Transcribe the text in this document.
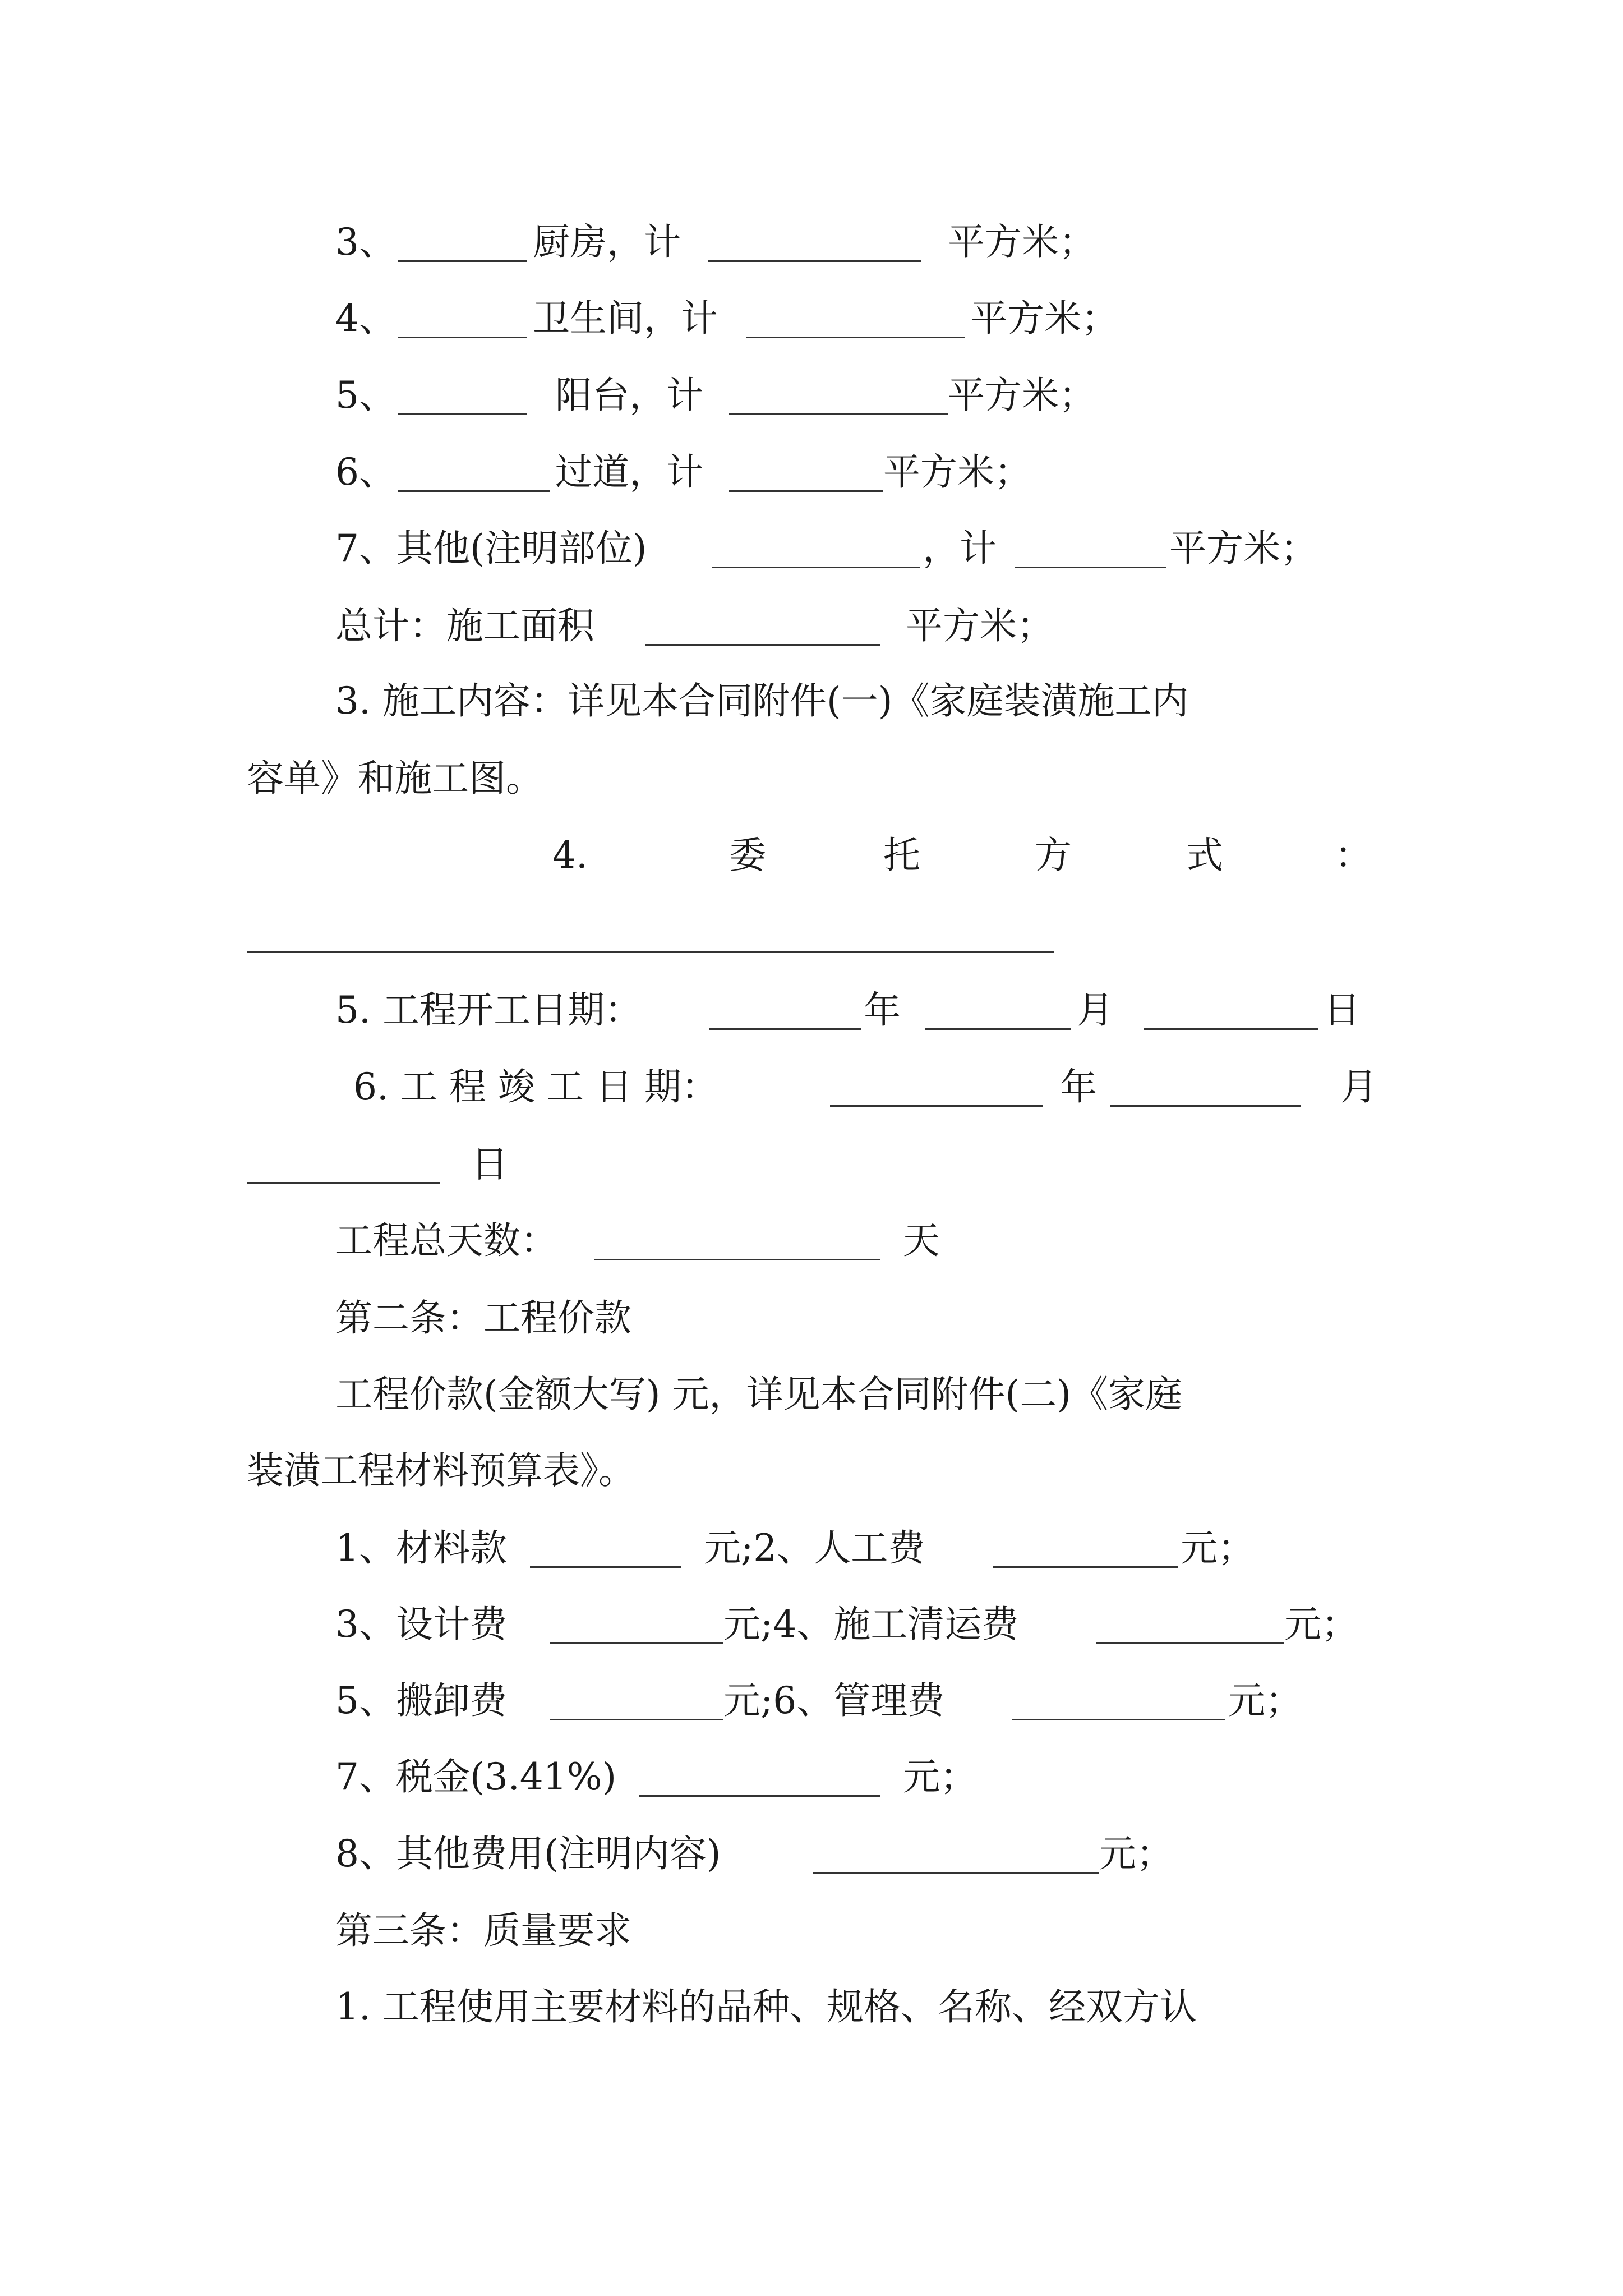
3、	厨房，计	平方米；
4、	卫生间，计	平方米；
5、	阳台，计	平方米；
6、	过道，计	平方米；
7、其他(注明部位)	，计	平方米；
总计：施工面积	平方米；
3. 施工内容：详见本合同附件(一)《家庭装潢施工内
容单》和施工图。
4.	委	托	方	式	：
5. 工程开工日期：	年	月	日
6. 工 程 竣 工 日 期：	年	月
日
工程总天数：	天
第二条：工程价款
工程价款(金额大写) 元，详见本合同附件(二)《家庭
装潢工程材料预算表》。
1、材料款	元;2、人工费	元；
3、设计费	元;4、施工清运费	元；
5、搬卸费	元;6、管理费	元；
7、税金(3.41%)	元；
8、其他费用(注明内容)	元；
第三条：质量要求
1. 工程使用主要材料的品种、规格、名称、经双方认
